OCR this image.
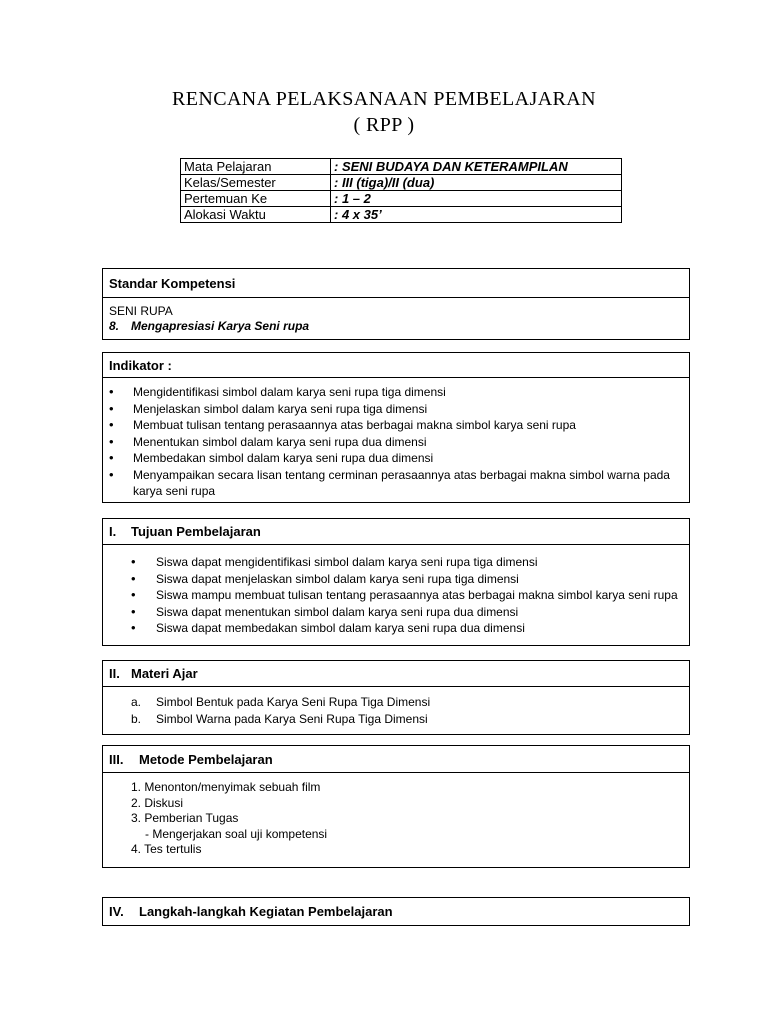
RENCANA PELAKSANAAN PEMBELAJARAN
( RPP )
Mata Pelajaran	: SENI BUDAYA DAN KETERAMPILAN
Kelas/Semester	: III (tiga)/II (dua)
Pertemuan Ke	: 1 – 2
Alokasi Waktu	: 4 x 35’
Standar Kompetensi
SENI RUPA
8. Mengapresiasi Karya Seni rupa
Indikator :
• Mengidentifikasi simbol dalam karya seni rupa tiga dimensi
• Menjelaskan simbol dalam karya seni rupa tiga dimensi
• Membuat tulisan tentang perasaannya atas berbagai makna simbol karya seni rupa
• Menentukan simbol dalam karya seni rupa dua dimensi
• Membedakan simbol dalam karya seni rupa dua dimensi
• Menyampaikan secara lisan tentang cerminan perasaannya atas berbagai makna simbol warna pada karya seni rupa
I.	Tujuan Pembelajaran
• Siswa dapat mengidentifikasi simbol dalam karya seni rupa tiga dimensi
• Siswa dapat menjelaskan simbol dalam karya seni rupa tiga dimensi
• Siswa mampu membuat tulisan tentang perasaannya atas berbagai makna simbol karya seni rupa
• Siswa dapat menentukan simbol dalam karya seni rupa dua dimensi
• Siswa dapat membedakan simbol dalam karya seni rupa dua dimensi
II. Materi Ajar
a. Simbol Bentuk pada Karya Seni Rupa Tiga Dimensi
b. Simbol Warna pada Karya Seni Rupa Tiga Dimensi
III.	Metode Pembelajaran
1. Menonton/menyimak sebuah film
2. Diskusi
3. Pemberian Tugas
- Mengerjakan soal uji kompetensi
4. Tes tertulis
IV.	Langkah-langkah Kegiatan Pembelajaran
